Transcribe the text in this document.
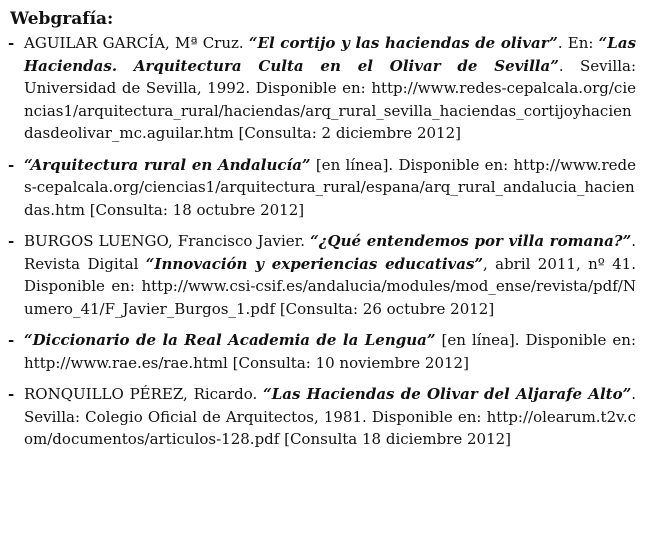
Webgrafía:
- AGUILAR GARCÍA, Mª Cruz. “El cortijo y las haciendas de olivar”. En: “Las Haciendas. Arquitectura Culta en el Olivar de Sevilla”. Sevilla: Universidad de Sevilla, 1992. Disponible en: http://www.redes-cepalcala.org/ciencias1/arquitectura_rural/haciendas/arq_rural_sevilla_haciendas_cortijoyhaciendasdeolivar_mc.aguilar.htm [Consulta: 2 diciembre 2012]
- “Arquitectura rural en Andalucía” [en línea]. Disponible en: http://www.redes-cepalcala.org/ciencias1/arquitectura_rural/espana/arq_rural_andalucia_haciendas.htm [Consulta: 18 octubre 2012]
- BURGOS LUENGO, Francisco Javier. “¿Qué entendemos por villa romana?”. Revista Digital “Innovación y experiencias educativas”, abril 2011, nº 41. Disponible en: http://www.csi-csif.es/andalucia/modules/mod_ense/revista/pdf/Numero_41/F_Javier_Burgos_1.pdf [Consulta: 26 octubre 2012]
- “Diccionario de la Real Academia de la Lengua” [en línea]. Disponible en: http://www.rae.es/rae.html [Consulta: 10 noviembre 2012]
- RONQUILLO PÉREZ, Ricardo. “Las Haciendas de Olivar del Aljarafe Alto”. Sevilla: Colegio Oficial de Arquitectos, 1981. Disponible en: http://olearum.t2v.com/documentos/articulos-128.pdf [Consulta 18 diciembre 2012]
